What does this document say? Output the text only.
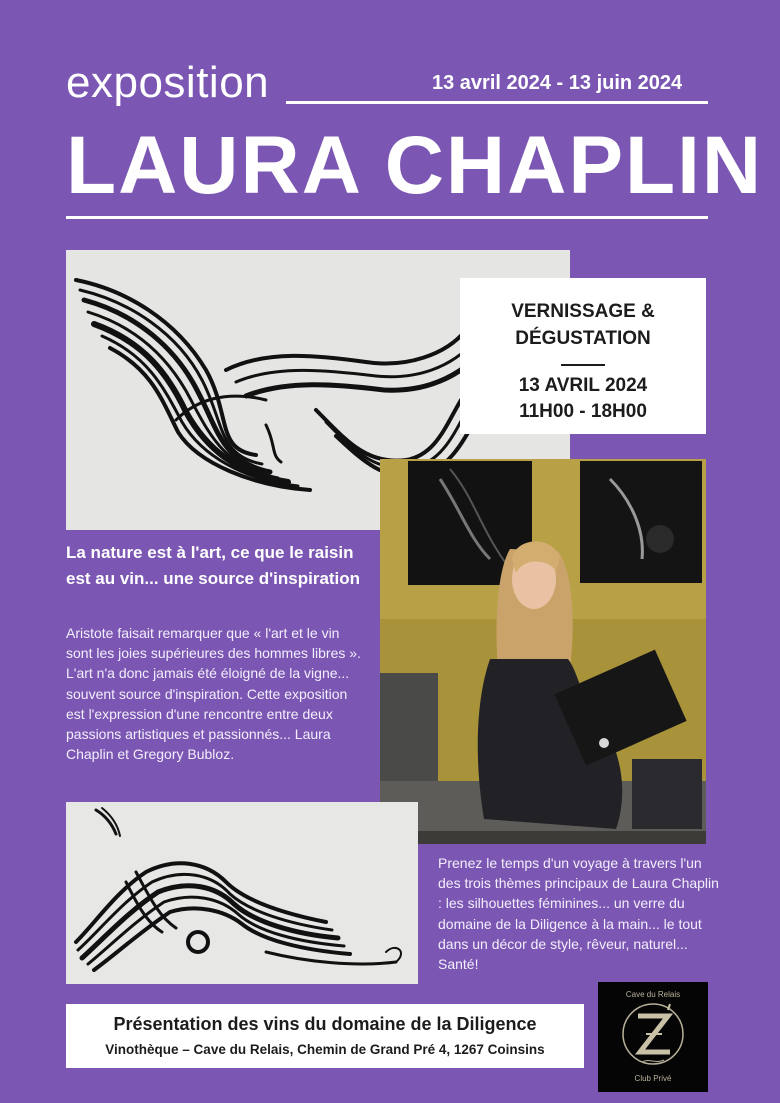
exposition	13 avril 2024 - 13 juin 2024
LAURA CHAPLIN
VERNISSAGE &
DÉGUSTATION
13 AVRIL 2024
11H00 - 18H00
La nature est à l'art, ce que le raisin est au vin... une source d'inspiration
Aristote faisait remarquer que « l'art et le vin sont les joies supérieures des hommes libres ». L'art n'a donc jamais été éloigné de la vigne... souvent source d'inspiration. Cette exposition est l'expression d'une rencontre entre deux passions artistiques et passionnés... Laura Chaplin et Gregory Bubloz.
Prenez le temps d'un voyage à travers l'un des trois thèmes principaux de Laura Chaplin : les silhouettes féminines... un verre du domaine de la Diligence à la main... le tout dans un décor de style, rêveur, naturel... Santé!
Présentation des vins du domaine de la Diligence
Vinothèque – Cave du Relais, Chemin de Grand Pré 4, 1267 Coinsins
Cave du Relais
Club Privé
